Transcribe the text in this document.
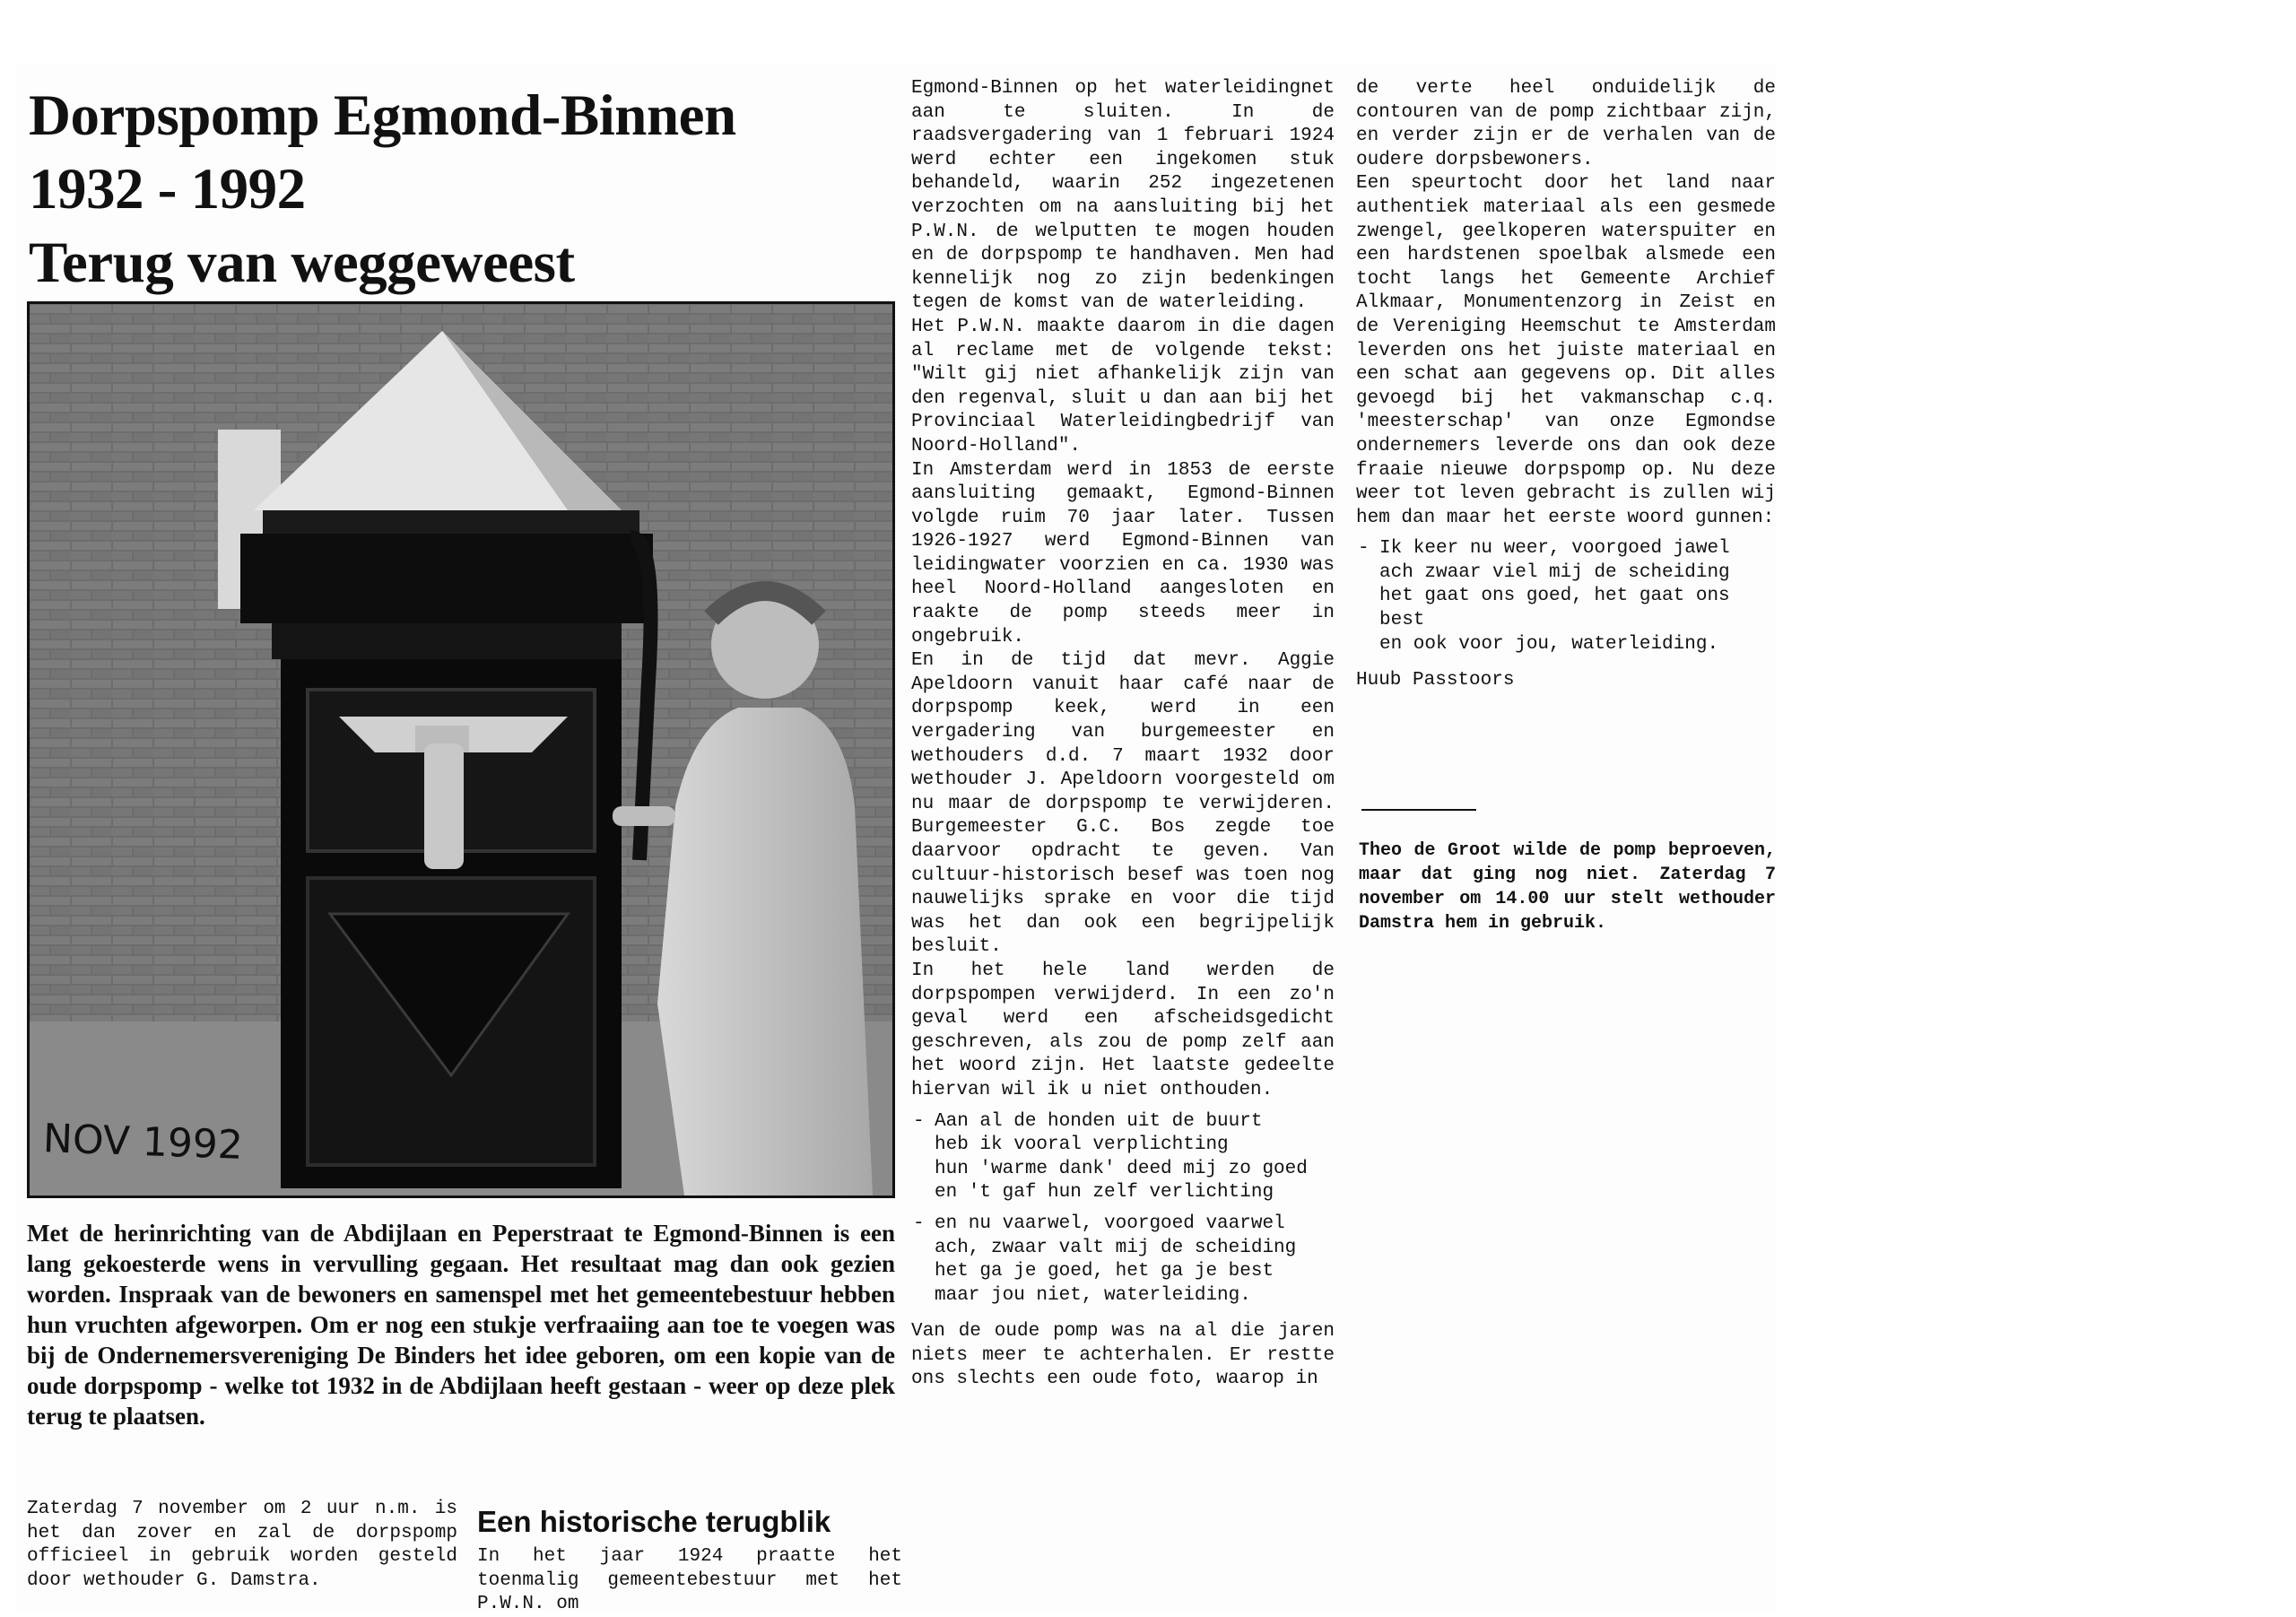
Dorpspomp Egmond-Binnen
1932 - 1992
Terug van weggeweest
NOV 1992

Met de herinrichting van de Abdijlaan en Peperstraat te Egmond-Binnen is een lang gekoesterde wens in vervulling gegaan. Het resultaat mag dan ook gezien worden. Inspraak van de bewoners en samenspel met het gemeentebestuur hebben hun vruchten afgeworpen. Om er nog een stukje verfraaiing aan toe te voegen was bij de Ondernemersvereniging De Binders het idee geboren, om een kopie van de oude dorpspomp - welke tot 1932 in de Abdijlaan heeft gestaan - weer op deze plek terug te plaatsen.

Zaterdag 7 november om 2 uur n.m. is het dan zover en zal de dorpspomp officieel in gebruik worden gesteld door wethouder G. Damstra.

Een historische terugblik

In het jaar 1924 praatte het toenmalig gemeentebestuur met het P.W.N. om

Egmond-Binnen op het waterleidingnet aan te sluiten. In de raadsvergadering van 1 februari 1924 werd echter een ingekomen stuk behandeld, waarin 252 ingezetenen verzochten om na aansluiting bij het P.W.N. de welputten te mogen houden en de dorpspomp te handhaven. Men had kennelijk nog zo zijn bedenkingen tegen de komst van de waterleiding.

Het P.W.N. maakte daarom in die dagen al reclame met de volgende tekst: "Wilt gij niet afhankelijk zijn van den regenval, sluit u dan aan bij het Provinciaal Waterleidingbedrijf van Noord-Holland".

In Amsterdam werd in 1853 de eerste aansluiting gemaakt, Egmond-Binnen volgde ruim 70 jaar later. Tussen 1926-1927 werd Egmond-Binnen van leidingwater voorzien en ca. 1930 was heel Noord-Holland aangesloten en raakte de pomp steeds meer in ongebruik.

En in de tijd dat mevr. Aggie Apeldoorn vanuit haar café naar de dorpspomp keek, werd in een vergadering van burgemeester en wethouders d.d. 7 maart 1932 door wethouder J. Apeldoorn voorgesteld om nu maar de dorpspomp te verwijderen. Burgemeester G.C. Bos zegde toe daarvoor opdracht te geven. Van cultuur-historisch besef was toen nog nauwelijks sprake en voor die tijd was het dan ook een begrijpelijk besluit.

In het hele land werden de dorpspompen verwijderd. In een zo'n geval werd een afscheidsgedicht geschreven, als zou de pomp zelf aan het woord zijn. Het laatste gedeelte hiervan wil ik u niet onthouden.

- Aan al de honden uit de buurt
heb ik vooral verplichting
hun 'warme dank' deed mij zo goed
en 't gaf hun zelf verlichting
- en nu vaarwel, voorgoed vaarwel
ach, zwaar valt mij de scheiding
het ga je goed, het ga je best
maar jou niet, waterleiding.

Van de oude pomp was na al die jaren niets meer te achterhalen. Er restte ons slechts een oude foto, waarop in

de verte heel onduidelijk de contouren van de pomp zichtbaar zijn, en verder zijn er de verhalen van de oudere dorpsbewoners.

Een speurtocht door het land naar authentiek materiaal als een gesmede zwengel, geelkoperen waterspuiter en een hardstenen spoelbak alsmede een tocht langs het Gemeente Archief Alkmaar, Monumentenzorg in Zeist en de Vereniging Heemschut te Amsterdam leverden ons het juiste materiaal en een schat aan gegevens op. Dit alles gevoegd bij het vakmanschap c.q. 'meesterschap' van onze Egmondse ondernemers leverde ons dan ook deze fraaie nieuwe dorpspomp op. Nu deze weer tot leven gebracht is zullen wij hem dan maar het eerste woord gunnen:

- Ik keer nu weer, voorgoed jawel
ach zwaar viel mij de scheiding
het gaat ons goed, het gaat ons best
en ook voor jou, waterleiding.

Huub Passtoors

Theo de Groot wilde de pomp beproeven, maar dat ging nog niet. Zaterdag 7 november om 14.00 uur stelt wethouder Damstra hem in gebruik.
